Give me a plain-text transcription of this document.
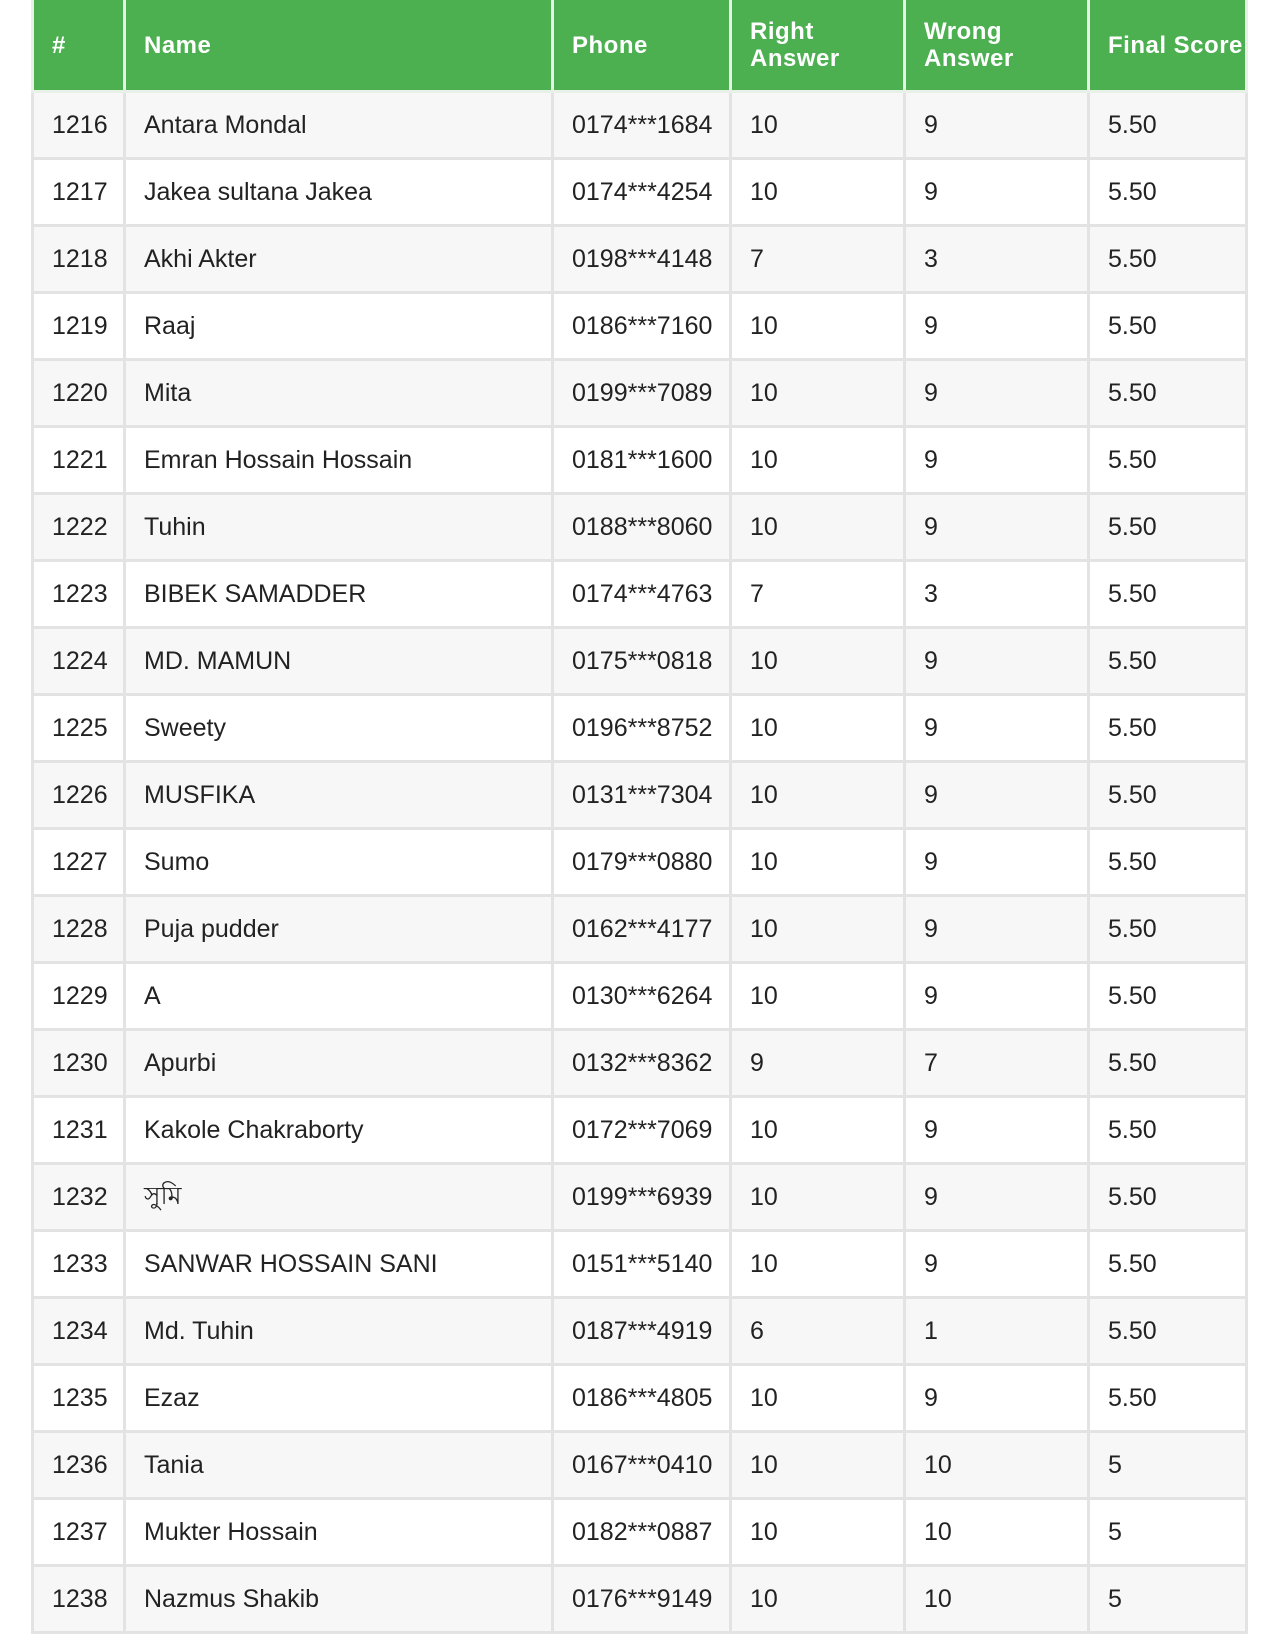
#	Name	Phone	Right Answer	Wrong Answer	Final Score
1216	Antara Mondal	0174***1684	10	9	5.50
1217	Jakea sultana Jakea	0174***4254	10	9	5.50
1218	Akhi Akter	0198***4148	7	3	5.50
1219	Raaj	0186***7160	10	9	5.50
1220	Mita	0199***7089	10	9	5.50
1221	Emran Hossain Hossain	0181***1600	10	9	5.50
1222	Tuhin	0188***8060	10	9	5.50
1223	BIBEK SAMADDER	0174***4763	7	3	5.50
1224	MD. MAMUN	0175***0818	10	9	5.50
1225	Sweety	0196***8752	10	9	5.50
1226	MUSFIKA	0131***7304	10	9	5.50
1227	Sumo	0179***0880	10	9	5.50
1228	Puja pudder	0162***4177	10	9	5.50
1229	A	0130***6264	10	9	5.50
1230	Apurbi	0132***8362	9	7	5.50
1231	Kakole Chakraborty	0172***7069	10	9	5.50
1232	সুমি	0199***6939	10	9	5.50
1233	SANWAR HOSSAIN SANI	0151***5140	10	9	5.50
1234	Md. Tuhin	0187***4919	6	1	5.50
1235	Ezaz	0186***4805	10	9	5.50
1236	Tania	0167***0410	10	10	5
1237	Mukter Hossain	0182***0887	10	10	5
1238	Nazmus Shakib	0176***9149	10	10	5
